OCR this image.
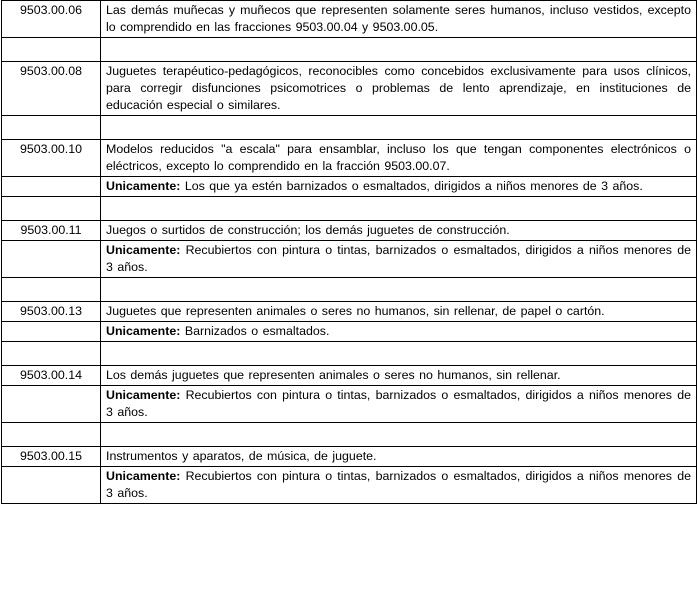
9503.00.06	Las demás muñecas y muñecos que representen solamente seres humanos, incluso vestidos, excepto lo comprendido en las fracciones 9503.00.04 y 9503.00.05.

9503.00.08	Juguetes terapéutico-pedagógicos, reconocibles como concebidos exclusivamente para usos clínicos, para corregir disfunciones psicomotrices o problemas de lento aprendizaje, en instituciones de educación especial o similares.

9503.00.10	Modelos reducidos "a escala" para ensamblar, incluso los que tengan componentes electrónicos o eléctricos, excepto lo comprendido en la fracción 9503.00.07.
	Unicamente: Los que ya estén barnizados o esmaltados, dirigidos a niños menores de 3 años.

9503.00.11	Juegos o surtidos de construcción; los demás juguetes de construcción.
	Unicamente: Recubiertos con pintura o tintas, barnizados o esmaltados, dirigidos a niños menores de 3 años.

9503.00.13	Juguetes que representen animales o seres no humanos, sin rellenar, de papel o cartón.
	Unicamente: Barnizados o esmaltados.

9503.00.14	Los demás juguetes que representen animales o seres no humanos, sin rellenar.
	Unicamente: Recubiertos con pintura o tintas, barnizados o esmaltados, dirigidos a niños menores de 3 años.

9503.00.15	Instrumentos y aparatos, de música, de juguete.
	Unicamente: Recubiertos con pintura o tintas, barnizados o esmaltados, dirigidos a niños menores de 3 años.
